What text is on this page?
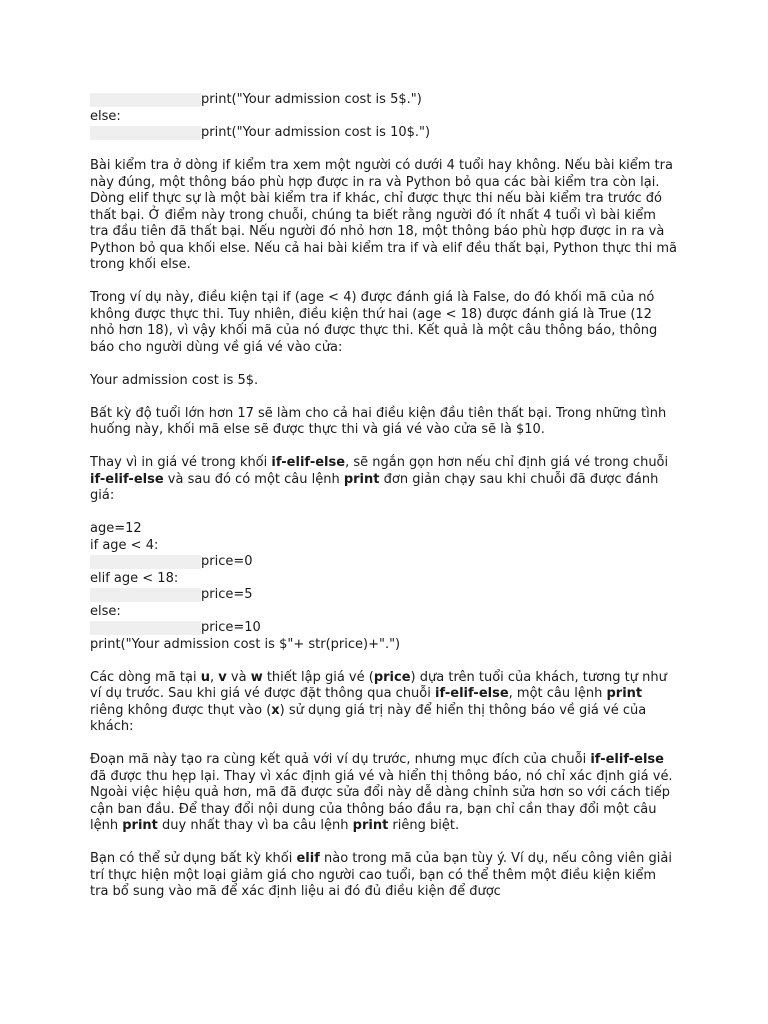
print("Your admission cost is 5$.")
else:
print("Your admission cost is 10$.")

Bài kiểm tra ở dòng if kiểm tra xem một người có dưới 4 tuổi hay không. Nếu bài kiểm tra này đúng, một thông báo phù hợp được in ra và Python bỏ qua các bài kiểm tra còn lại. Dòng elif thực sự là một bài kiểm tra if khác, chỉ được thực thi nếu bài kiểm tra trước đó thất bại. Ở điểm này trong chuỗi, chúng ta biết rằng người đó ít nhất 4 tuổi vì bài kiểm tra đầu tiên đã thất bại. Nếu người đó nhỏ hơn 18, một thông báo phù hợp được in ra và Python bỏ qua khối else. Nếu cả hai bài kiểm tra if và elif đều thất bại, Python thực thi mã trong khối else.

Trong ví dụ này, điều kiện tại if (age < 4) được đánh giá là False, do đó khối mã của nó không được thực thi. Tuy nhiên, điều kiện thứ hai (age < 18) được đánh giá là True (12 nhỏ hơn 18), vì vậy khối mã của nó được thực thi. Kết quả là một câu thông báo, thông báo cho người dùng về giá vé vào cửa:

Your admission cost is 5$.

Bất kỳ độ tuổi lớn hơn 17 sẽ làm cho cả hai điều kiện đầu tiên thất bại. Trong những tình huống này, khối mã else sẽ được thực thi và giá vé vào cửa sẽ là $10.

Thay vì in giá vé trong khối if-elif-else, sẽ ngắn gọn hơn nếu chỉ định giá vé trong chuỗi if-elif-else và sau đó có một câu lệnh print đơn giản chạy sau khi chuỗi đã được đánh giá:

age=12
if age < 4:
price=0
elif age < 18:
price=5
else:
price=10
print("Your admission cost is $"+ str(price)+".")

Các dòng mã tại u, v và w thiết lập giá vé (price) dựa trên tuổi của khách, tương tự như ví dụ trước. Sau khi giá vé được đặt thông qua chuỗi if-elif-else, một câu lệnh print riêng không được thụt vào (x) sử dụng giá trị này để hiển thị thông báo về giá vé của khách:

Đoạn mã này tạo ra cùng kết quả với ví dụ trước, nhưng mục đích của chuỗi if-elif-else đã được thu hẹp lại. Thay vì xác định giá vé và hiển thị thông báo, nó chỉ xác định giá vé. Ngoài việc hiệu quả hơn, mã đã được sửa đổi này dễ dàng chỉnh sửa hơn so với cách tiếp cận ban đầu. Để thay đổi nội dung của thông báo đầu ra, bạn chỉ cần thay đổi một câu lệnh print duy nhất thay vì ba câu lệnh print riêng biệt.

Bạn có thể sử dụng bất kỳ khối elif nào trong mã của bạn tùy ý. Ví dụ, nếu công viên giải trí thực hiện một loại giảm giá cho người cao tuổi, bạn có thể thêm một điều kiện kiểm tra bổ sung vào mã để xác định liệu ai đó đủ điều kiện để được
